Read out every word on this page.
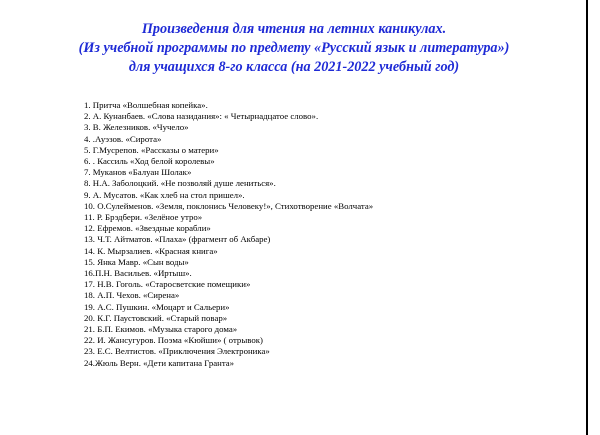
Произведения для чтения на летних каникулах.
(Из учебной программы по предмету «Русский язык и литература»)
для учащихся 8-го класса (на 2021-2022 учебный год)
1. Притча «Волшебная копейка».
2. А. Кунанбаев. «Слова назидания»: « Четырнадцатое слово».
3. В. Железников. «Чучело»
4. .Ауэзов. «Сирота»
5. Г.Мусрепов. «Рассказы о матери»
6. . Кассиль «Ход белой королевы»
7. Муканов «Балуан Шолак»
8. Н.А. Заболоцкий. «Не позволяй душе лениться».
9. А. Мусатов. «Как хлеб на стол пришел».
10. О.Сулейменов. «Земля, поклонись Человеку!», Стихотворение «Волчата»
11. Р. Брэдбери. «Зелёное утро»
12. Ефремов. «Звездные корабли»
13. Ч.Т. Айтматов. «Плаха» (фрагмент об Акбаре)
14. К. Мырзалиев. «Красная книга»
15. Янка Мавр. «Сын воды»
16.П.Н. Васильев. «Иртыш».
17. Н.В. Гоголь. «Старосветские помещики»
18. А.П. Чехов. «Сирена»
19. А.С. Пушкин. «Моцарт и Сальери»
20. К.Г. Паустовский. «Старый повар»
21. Б.П. Екимов. «Музыка старого дома»
22. И. Жансугуров. Поэма «Кюйши» ( отрывок)
23. Е.С. Велтистов. «Приключения Электроника»
24.Жюль Верн. «Дети капитана Гранта»
